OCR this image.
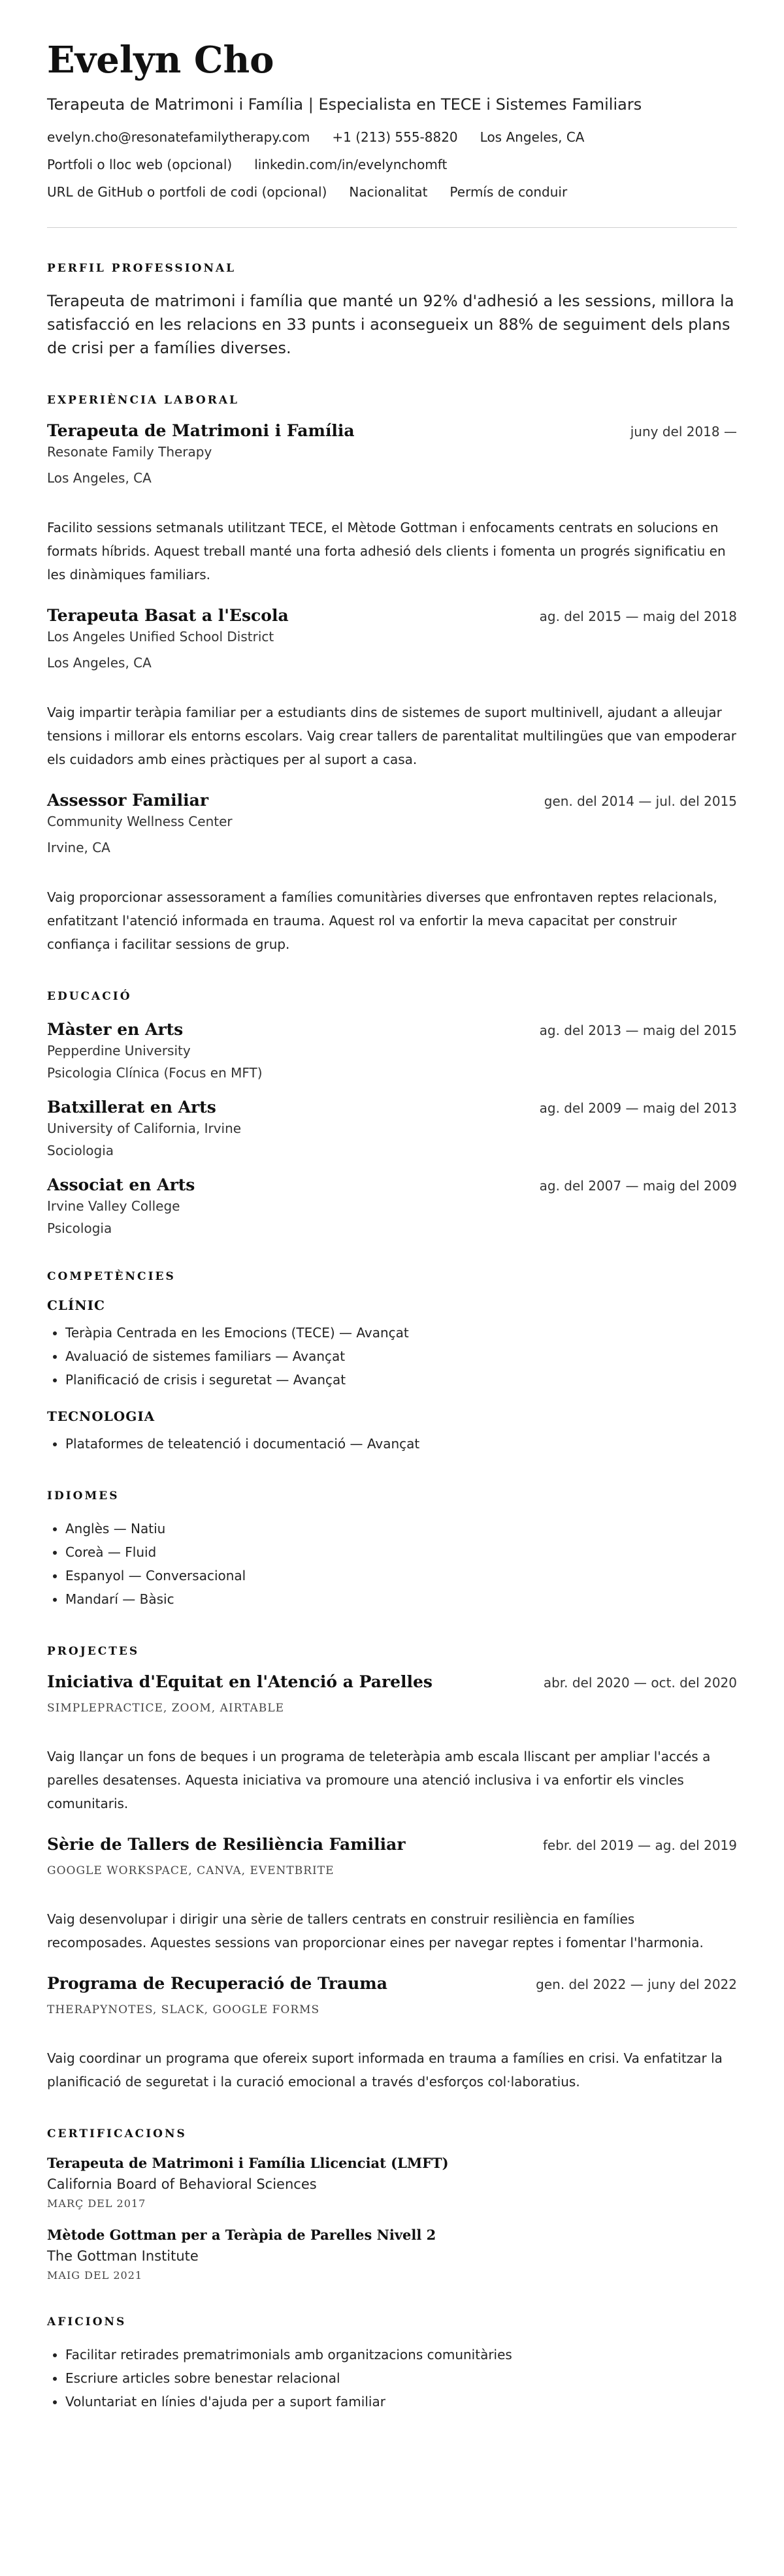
Evelyn Cho
Terapeuta de Matrimoni i Família | Especialista en TECE i Sistemes Familiars
evelyn.cho@resonatefamilytherapy.com +1 (213) 555-8820 Los Angeles, CA
Portfoli o lloc web (opcional) linkedin.com/in/evelynchomft
URL de GitHub o portfoli de codi (opcional) Nacionalitat Permís de conduir
PERFIL PROFESSIONAL
Terapeuta de matrimoni i família que manté un 92% d'adhesió a les sessions, millora la satisfacció en les relacions en 33 punts i aconsegueix un 88% de seguiment dels plans de crisi per a famílies diverses.
EXPERIÈNCIA LABORAL
Terapeuta de Matrimoni i Família	juny del 2018 —
Resonate Family Therapy
Los Angeles, CA
Facilito sessions setmanals utilitzant TECE, el Mètode Gottman i enfocaments centrats en solucions en formats híbrids. Aquest treball manté una forta adhesió dels clients i fomenta un progrés significatiu en les dinàmiques familiars.
Terapeuta Basat a l'Escola	ag. del 2015 — maig del 2018
Los Angeles Unified School District
Los Angeles, CA
Vaig impartir teràpia familiar per a estudiants dins de sistemes de suport multinivell, ajudant a alleujar tensions i millorar els entorns escolars. Vaig crear tallers de parentalitat multilingües que van empoderar els cuidadors amb eines pràctiques per al suport a casa.
Assessor Familiar	gen. del 2014 — jul. del 2015
Community Wellness Center
Irvine, CA
Vaig proporcionar assessorament a famílies comunitàries diverses que enfrontaven reptes relacionals, enfatitzant l'atenció informada en trauma. Aquest rol va enfortir la meva capacitat per construir confiança i facilitar sessions de grup.
EDUCACIÓ
Màster en Arts	ag. del 2013 — maig del 2015
Pepperdine University
Psicologia Clínica (Focus en MFT)
Batxillerat en Arts	ag. del 2009 — maig del 2013
University of California, Irvine
Sociologia
Associat en Arts	ag. del 2007 — maig del 2009
Irvine Valley College
Psicologia
COMPETÈNCIES
CLÍNIC
• Teràpia Centrada en les Emocions (TECE) — Avançat
• Avaluació de sistemes familiars — Avançat
• Planificació de crisis i seguretat — Avançat
TECNOLOGIA
• Plataformes de teleatenció i documentació — Avançat
IDIOMES
• Anglès — Natiu
• Coreà — Fluid
• Espanyol — Conversacional
• Mandarí — Bàsic
PROJECTES
Iniciativa d'Equitat en l'Atenció a Parelles	abr. del 2020 — oct. del 2020
SIMPLEPRACTICE, ZOOM, AIRTABLE
Vaig llançar un fons de beques i un programa de teleteràpia amb escala lliscant per ampliar l'accés a parelles desatenses. Aquesta iniciativa va promoure una atenció inclusiva i va enfortir els vincles comunitaris.
Sèrie de Tallers de Resiliència Familiar	febr. del 2019 — ag. del 2019
GOOGLE WORKSPACE, CANVA, EVENTBRITE
Vaig desenvolupar i dirigir una sèrie de tallers centrats en construir resiliència en famílies recomposades. Aquestes sessions van proporcionar eines per navegar reptes i fomentar l'harmonia.
Programa de Recuperació de Trauma	gen. del 2022 — juny del 2022
THERAPYNOTES, SLACK, GOOGLE FORMS
Vaig coordinar un programa que ofereix suport informada en trauma a famílies en crisi. Va enfatitzar la planificació de seguretat i la curació emocional a través d'esforços col·laboratius.
CERTIFICACIONS
Terapeuta de Matrimoni i Família Llicenciat (LMFT)
California Board of Behavioral Sciences
MARÇ DEL 2017
Mètode Gottman per a Teràpia de Parelles Nivell 2
The Gottman Institute
MAIG DEL 2021
AFICIONS
• Facilitar retirades prematrimonials amb organitzacions comunitàries
• Escriure articles sobre benestar relacional
• Voluntariat en línies d'ajuda per a suport familiar
